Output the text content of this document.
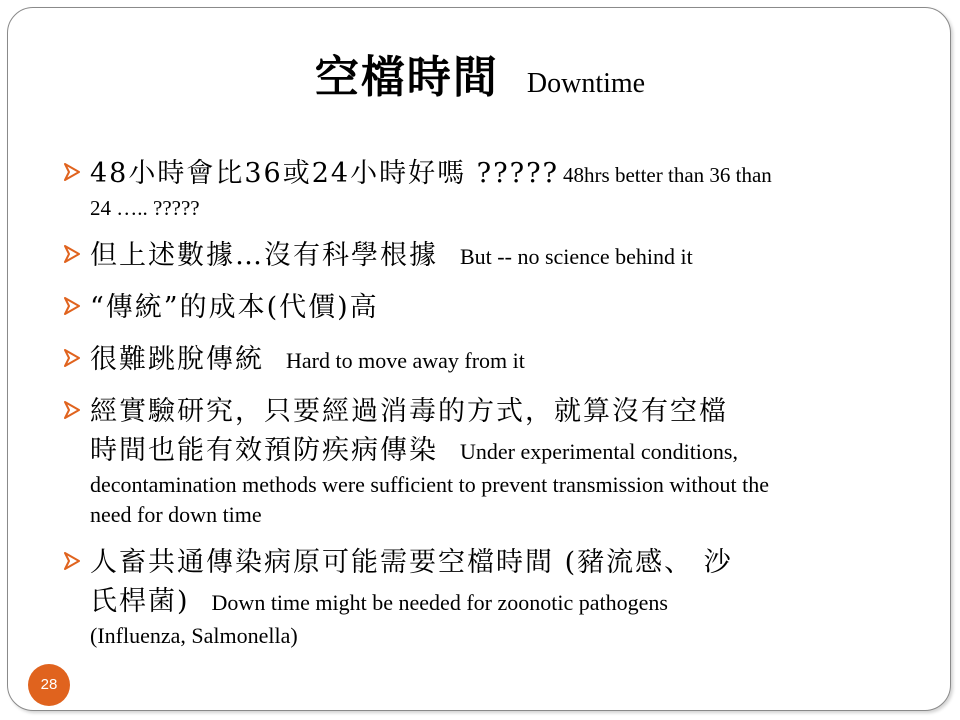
空檔時間 Downtime
48小時會比36或24小時好嗎 ????? 48hrs better than 36 than
24 ….. ?????
但上述數據…沒有科學根據 But -- no science behind it
“傳統”的成本(代價)高
很難跳脫傳統 Hard to move away from it
經實驗研究，只要經過消毒的方式，就算沒有空檔
時間也能有效預防疾病傳染 Under experimental conditions,
decontamination methods were sufficient to prevent transmission without the
need for down time
人畜共通傳染病原可能需要空檔時間 (豬流感、 沙
氏桿菌) Down time might be needed for zoonotic pathogens
(Influenza, Salmonella)
28
